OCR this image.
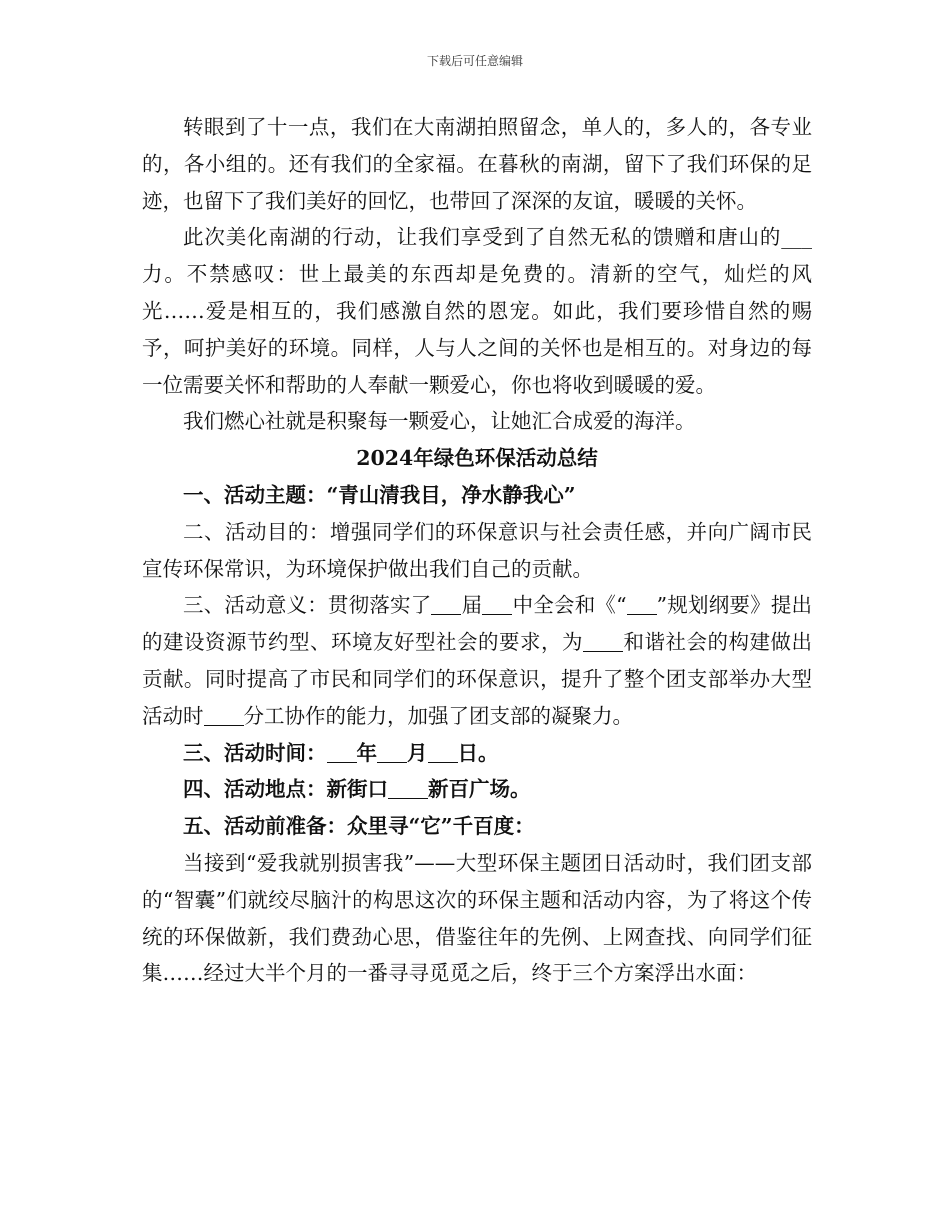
下载后可任意编辑

转眼到了十一点，我们在大南湖拍照留念，单人的，多人的，各专业的，各小组的。还有我们的全家福。在暮秋的南湖，留下了我们环保的足迹，也留下了我们美好的回忆，也带回了深深的友谊，暖暖的关怀。

此次美化南湖的行动，让我们享受到了自然无私的馈赠和唐山的___力。不禁感叹：世上最美的东西却是免费的。清新的空气，灿烂的风光……爱是相互的，我们感激自然的恩宠。如此，我们要珍惜自然的赐予，呵护美好的环境。同样，人与人之间的关怀也是相互的。对身边的每一位需要关怀和帮助的人奉献一颗爱心，你也将收到暖暖的爱。

我们燃心社就是积聚每一颗爱心，让她汇合成爱的海洋。

2024年绿色环保活动总结

一、活动主题：“青山清我目，净水静我心”

二、活动目的：增强同学们的环保意识与社会责任感，并向广阔市民宣传环保常识，为环境保护做出我们自己的贡献。

三、活动意义：贯彻落实了 届 中全会和《“ ”规划纲要》提出的建设资源节约型、环境友好型社会的要求，为 和谐社会的构建做出贡献。同时提高了市民和同学们的环保意识，提升了整个团支部举办大型活动时 分工协作的能力，加强了团支部的凝聚力。

三、活动时间： 年 月 日。

四、活动地点：新街口 新百广场。

五、活动前准备：众里寻“它”千百度：

当接到“爱我就别损害我”——大型环保主题团日活动时，我们团支部的“智囊”们就绞尽脑汁的构思这次的环保主题和活动内容，为了将这个传统的环保做新，我们费劲心思，借鉴往年的先例、上网查找、向同学们征集……经过大半个月的一番寻寻觅觅之后，终于三个方案浮出水面：
